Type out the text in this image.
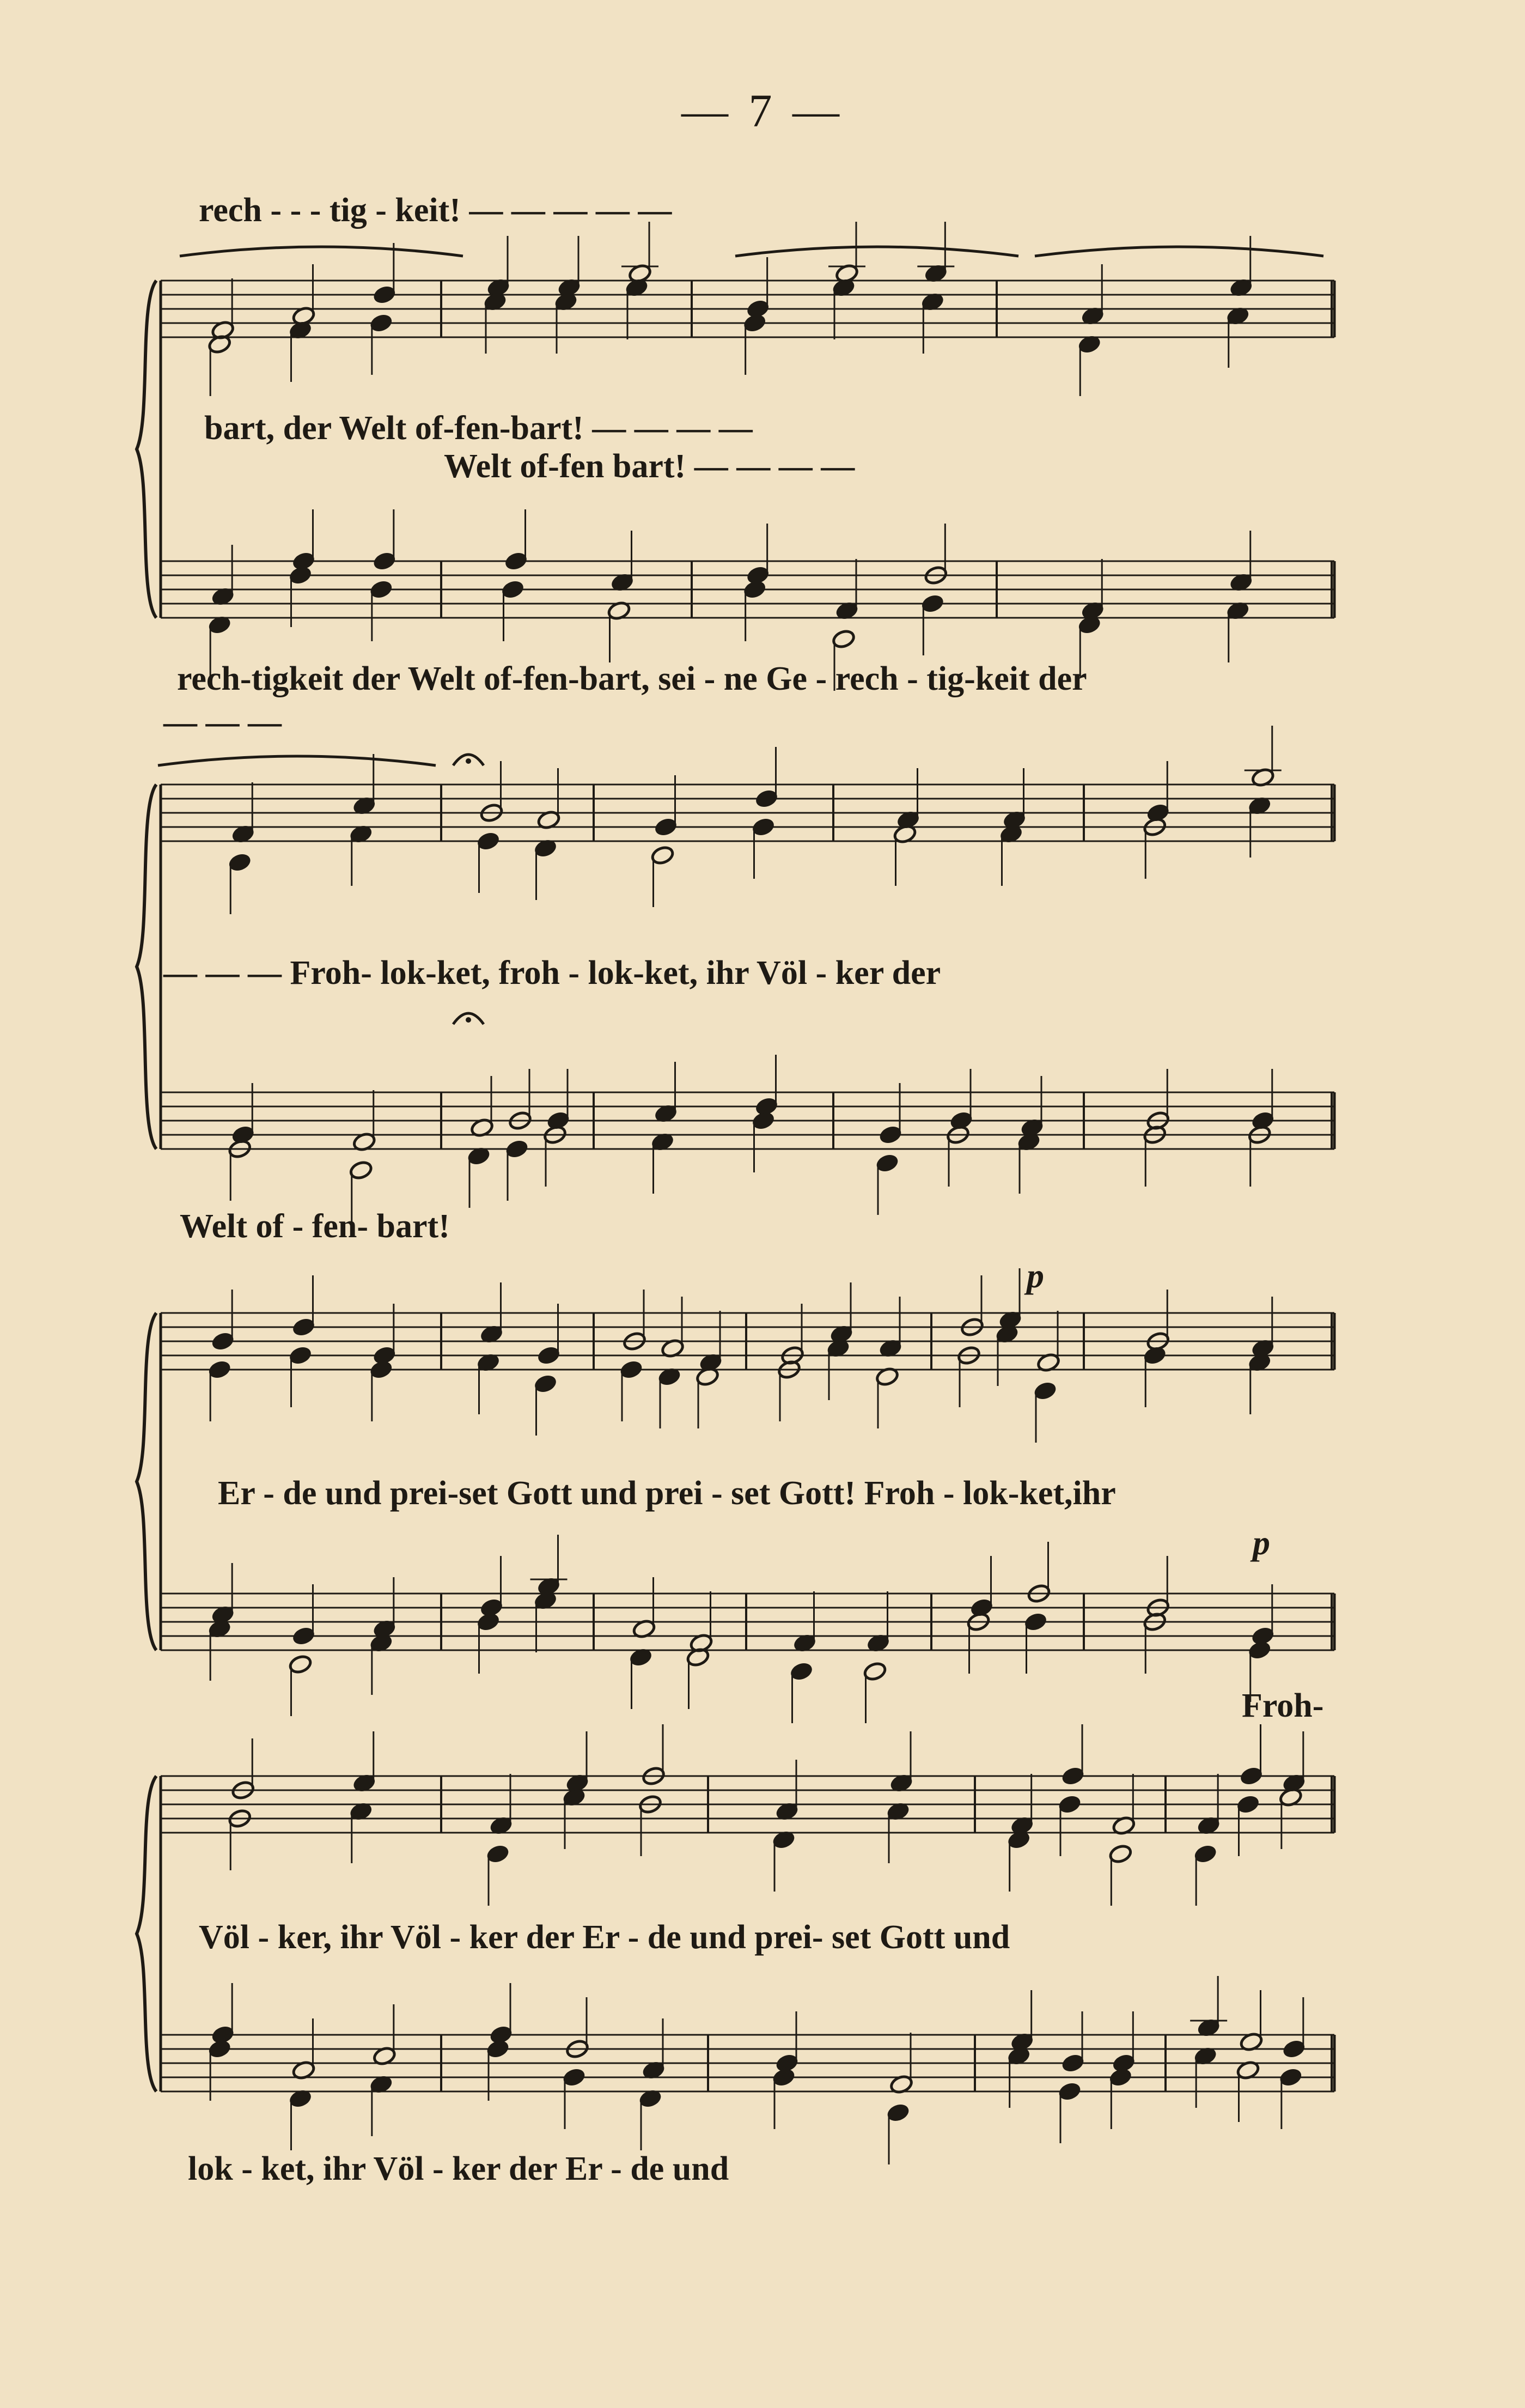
— 7 —

rech - - - tig - keit! — — — — —

bart, der Welt of-fen-bart! — — — —

Welt of-fen bart! — — — —

rech-tigkeit der Welt of-fen-bart, sei - ne Ge - rech - tig-keit der

— — —

— — — Froh- lok-ket, froh - lok-ket, ihr Völ - ker der

Welt of - fen- bart!

p

Er - de und prei-set Gott und prei - set Gott! Froh - lok-ket,ihr

p

Froh-

Völ - ker, ihr Völ - ker der Er - de und prei- set Gott und

lok - ket, ihr Völ - ker der Er - de und
